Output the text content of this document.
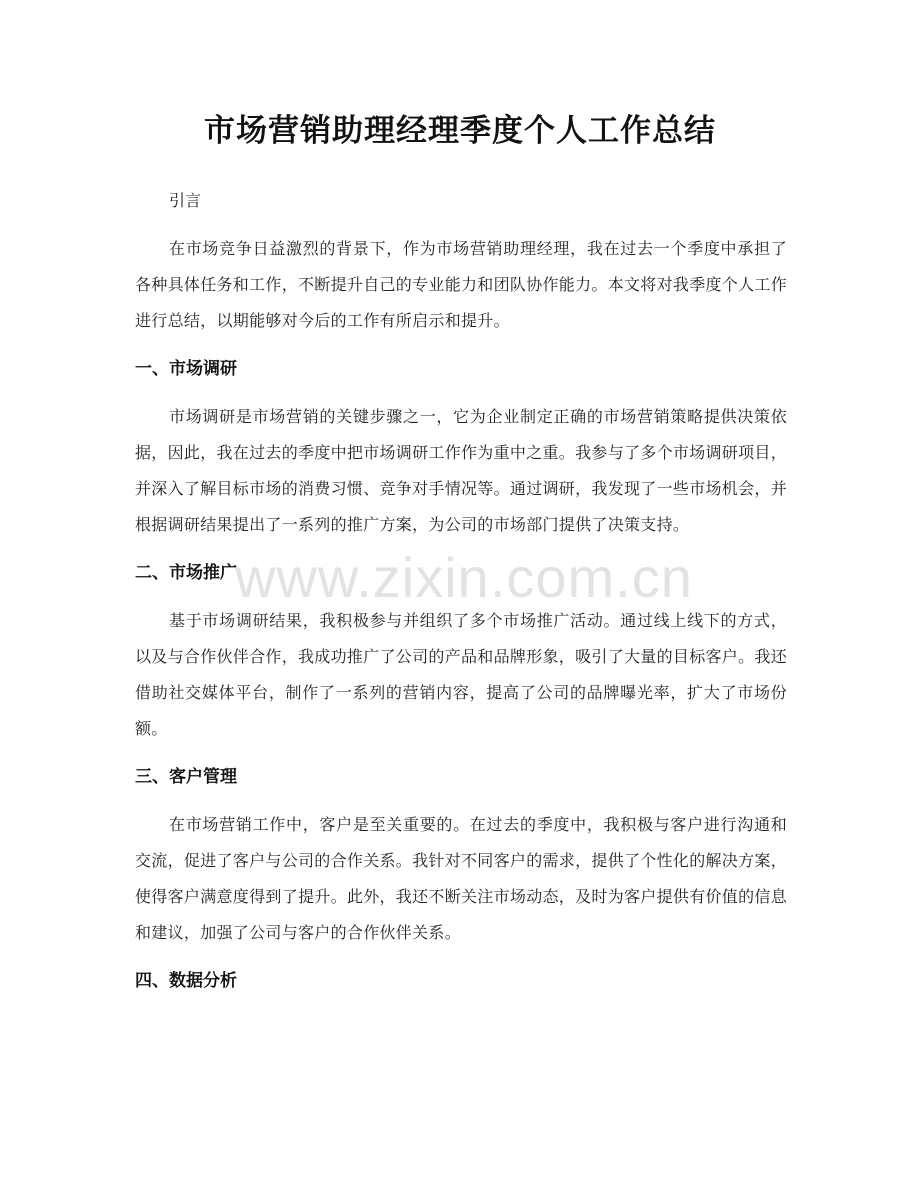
市场营销助理经理季度个人工作总结

引言

在市场竞争日益激烈的背景下，作为市场营销助理经理，我在过去一个季度中承担了各种具体任务和工作，不断提升自己的专业能力和团队协作能力。本文将对我季度个人工作进行总结，以期能够对今后的工作有所启示和提升。

一、市场调研

市场调研是市场营销的关键步骤之一，它为企业制定正确的市场营销策略提供决策依据，因此，我在过去的季度中把市场调研工作作为重中之重。我参与了多个市场调研项目，并深入了解目标市场的消费习惯、竞争对手情况等。通过调研，我发现了一些市场机会，并根据调研结果提出了一系列的推广方案，为公司的市场部门提供了决策支持。

二、市场推广

基于市场调研结果，我积极参与并组织了多个市场推广活动。通过线上线下的方式，以及与合作伙伴合作，我成功推广了公司的产品和品牌形象，吸引了大量的目标客户。我还借助社交媒体平台，制作了一系列的营销内容，提高了公司的品牌曝光率，扩大了市场份额。

三、客户管理

在市场营销工作中，客户是至关重要的。在过去的季度中，我积极与客户进行沟通和交流，促进了客户与公司的合作关系。我针对不同客户的需求，提供了个性化的解决方案，使得客户满意度得到了提升。此外，我还不断关注市场动态，及时为客户提供有价值的信息和建议，加强了公司与客户的合作伙伴关系。

四、数据分析
www.zixin.com.cn
